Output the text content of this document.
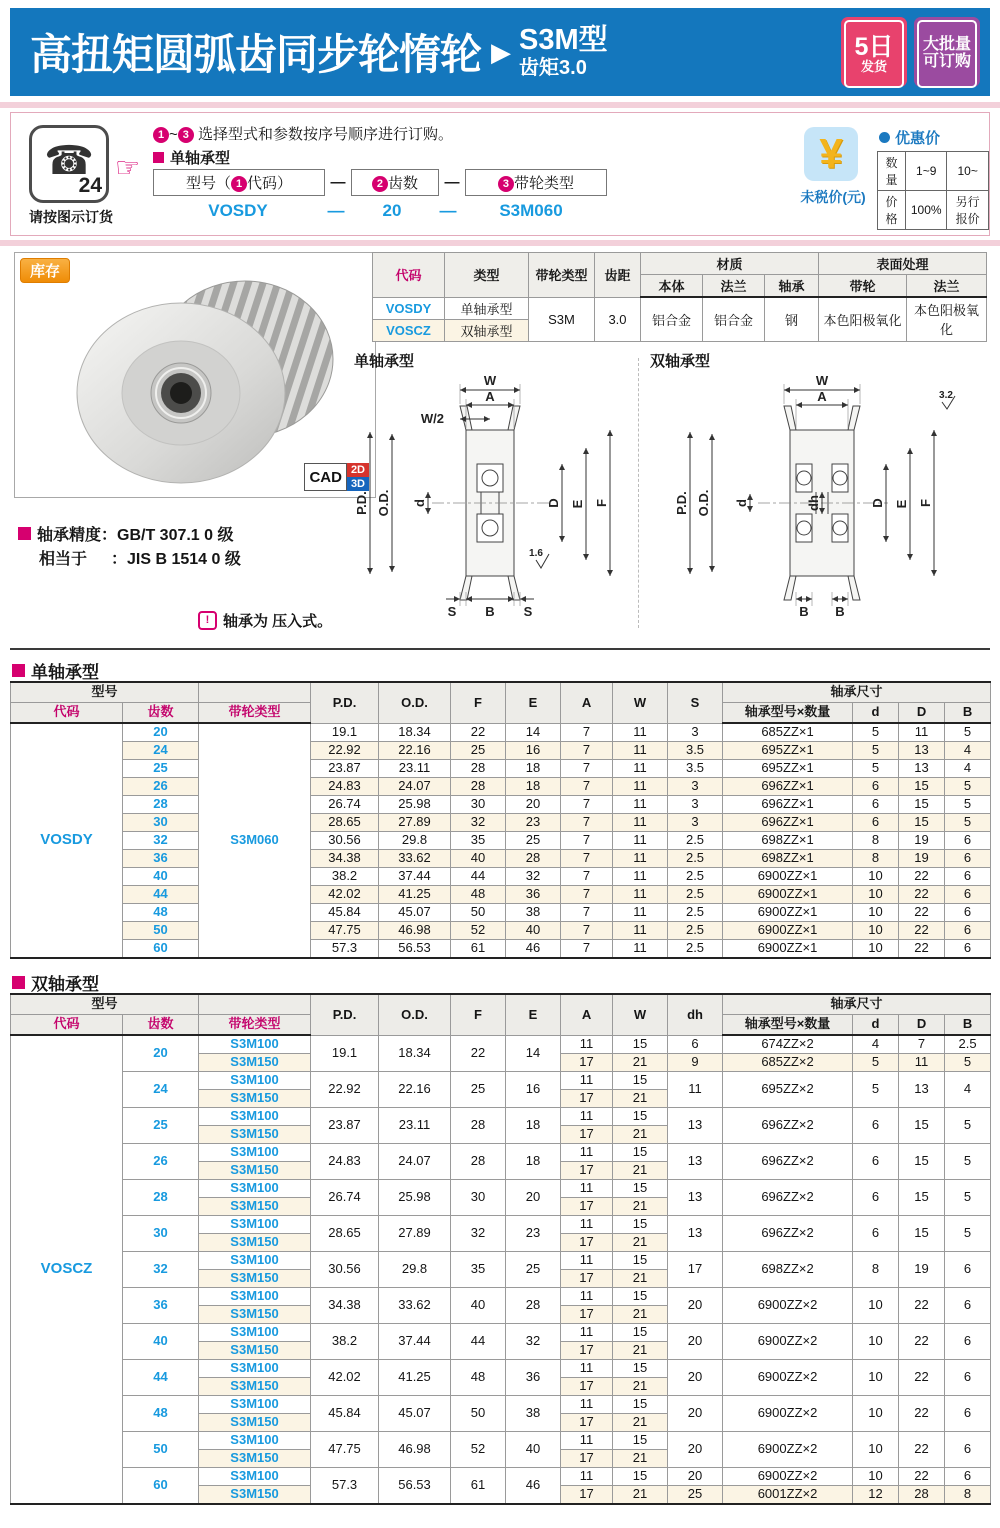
高扭矩圆弧齿同步轮惰轮 ▶ S3M型
齿矩3.0
5日
发货
大批量
可订购
☎
24
请按图示订货
☞
1 ~ 3 选择型式和参数按序号顺序进行订购。
单轴承型
型号（ 1 代码）	—	2 齿数	—	3 带轮类型
VOSDY	—	20	—	S3M060
¥
未税价(元)
优惠价
数量	1~9	10~
价格	100%	另行报价
库存
CAD 2D
3D
轴承精度：GB/T 307.1 0 级
相当于 ：JIS B 1514 0 级
代码	类型	带轮类型	齿距	材质			表面处理	
				本体	法兰	轴承	带轮	法兰
VOSDY	单轴承型	S3M	3.0	铝合金	铝合金	钢	本色阳极氧化	本色阳极氧化
VOSCZ	双轴承型							
单轴承型	双轴承型
W
A
W/2
P.D. O.D. d	D E F
S B S
1.6
W
A
P.D. O.D. d	dh	D E F
B B
3.2
! 轴承为 压入式。
单轴承型
型号			P.D.	O.D.	F	E	A	W	S	轴承尺寸			
代码	齿数	带轮类型								轴承型号×数量	d	D	B
VOSDY	20	S3M060	19.1	18.34	22	14	7	11	3	685ZZ×1	5	11	5
	24		22.92	22.16	25	16	7	11	3.5	695ZZ×1	5	13	4
	25		23.87	23.11	28	18	7	11	3.5	695ZZ×1	5	13	4
	26		24.83	24.07	28	18	7	11	3	696ZZ×1	6	15	5
	28		26.74	25.98	30	20	7	11	3	696ZZ×1	6	15	5
	30		28.65	27.89	32	23	7	11	3	696ZZ×1	6	15	5
	32		30.56	29.8	35	25	7	11	2.5	698ZZ×1	8	19	6
	36		34.38	33.62	40	28	7	11	2.5	698ZZ×1	8	19	6
	40		38.2	37.44	44	32	7	11	2.5	6900ZZ×1	10	22	6
	44		42.02	41.25	48	36	7	11	2.5	6900ZZ×1	10	22	6
	48		45.84	45.07	50	38	7	11	2.5	6900ZZ×1	10	22	6
	50		47.75	46.98	52	40	7	11	2.5	6900ZZ×1	10	22	6
	60		57.3	56.53	61	46	7	11	2.5	6900ZZ×1	10	22	6
双轴承型
型号			P.D.	O.D.	F	E	A	W	dh	轴承尺寸			
代码	齿数	带轮类型								轴承型号×数量	d	D	B
VOSCZ	20	S3M100	19.1	18.34	22	14	11	15	6	674ZZ×2	4	7	2.5
		S3M150					17	21	9	685ZZ×2	5	11	5
	24	S3M100	22.92	22.16	25	16	11	15	11	695ZZ×2	5	13	4
		S3M150					17	21					
	25	S3M100	23.87	23.11	28	18	11	15	13	696ZZ×2	6	15	5
		S3M150					17	21					
	26	S3M100	24.83	24.07	28	18	11	15	13	696ZZ×2	6	15	5
		S3M150					17	21					
	28	S3M100	26.74	25.98	30	20	11	15	13	696ZZ×2	6	15	5
		S3M150					17	21					
	30	S3M100	28.65	27.89	32	23	11	15	13	696ZZ×2	6	15	5
		S3M150					17	21					
	32	S3M100	30.56	29.8	35	25	11	15	17	698ZZ×2	8	19	6
		S3M150					17	21					
	36	S3M100	34.38	33.62	40	28	11	15	20	6900ZZ×2	10	22	6
		S3M150					17	21					
	40	S3M100	38.2	37.44	44	32	11	15	20	6900ZZ×2	10	22	6
		S3M150					17	21					
	44	S3M100	42.02	41.25	48	36	11	15	20	6900ZZ×2	10	22	6
		S3M150					17	21					
	48	S3M100	45.84	45.07	50	38	11	15	20	6900ZZ×2	10	22	6
		S3M150					17	21					
	50	S3M100	47.75	46.98	52	40	11	15	20	6900ZZ×2	10	22	6
		S3M150					17	21					
	60	S3M100	57.3	56.53	61	46	11	15	20	6900ZZ×2	10	22	6
		S3M150					17	21	25	6001ZZ×2	12	28	8
